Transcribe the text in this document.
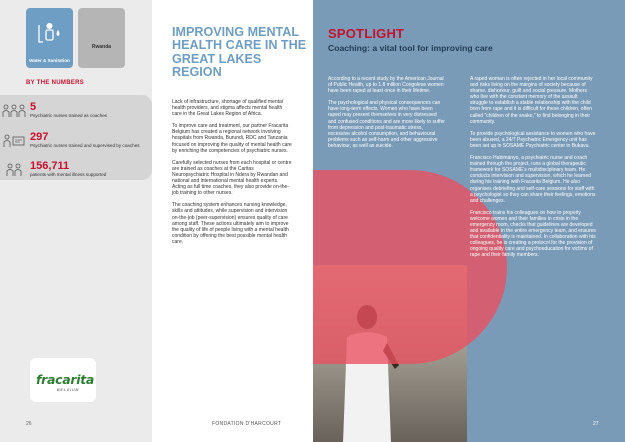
Water & Sanitation
Rwanda
BY THE NUMBERS
5
Psychiatric nurses trained as coaches
297
Psychiatric nurses trained and supervised by coaches
156,711
patients with mental illness supported
fracarita
BELGIUM
26
IMPROVING MENTAL HEALTH CARE IN THE GREAT LAKES REGION

Lack of infrastructure, shortage of qualified mental health providers, and stigma affects mental health care in the Great Lakes Region of Africa.

To improve care and treatment, our partner Fracarita Belgium has created a regional network involving hospitals from Rwanda, Burundi, RDC and Tanzania focused on improving the quality of mental health care by enriching the competencies of psychiatric nurses.

Carefully selected nurses from each hospital or centre are trained as coaches at the Caritas Neuropsychiatric Hospital in Ndera by Rwandan and national and international mental health experts. Acting as full time coaches, they also provide on-the-job training to other nurses.

The coaching system enhances nursing knowledge, skills and attitudes, while supervision and intervision on-the-job (peer-supervision) ensures quality of care among staff. These actions ultimately aim to improve the quality of life of people living with a mental health condition by offering the best possible mental health care.

FONDATION D'HARCOURT
SPOTLIGHT
Coaching: a vital tool for improving care

According to a recent study by the American Journal of Public Health, up to 1.8 million Congolese women have been raped at least once in their lifetime.

The psychological and physical consequences can have long-term effects. Women who have been raped may present themselves in very distressed and confused conditions and are more likely to suffer from depression and post-traumatic stress, excessive alcohol consumption, and behavioural problems such as self-harm and other aggressive behaviour, as well as suicide.

A raped woman is often rejected in her local community and risks living on the margins of society because of shame, dishonour, guilt and social pressure. Mothers who live with the constant memory of the assault struggle to establish a stable relationship with the child born from rape and it is difficult for these children, often called "children of the snake," to find belonging in their community.

To provide psychological assistance to women who have been abused, a 24/7 Psychiatric Emergency unit has been set up in SOSAME Psychiatric center in Bukavu.

Francisco Habimanyo, a psychiatric nurse and coach trained through the project, runs a global therapeutic framework for SOSAME's multidisciplinary team. He conducts intervision and supervision, which he learned during his training with Fracarita Belgium. He also organises debriefing and self-care sessions for staff with a psychologist so they can share their feelings, emotions and challenges.

Francisco trains his colleagues on how to properly welcome women and their families in crisis in the emergency room, checks that guidelines are developed and available in the entire emergency team, and ensures that confidentiality is maintained. In collaboration with his colleagues, he is creating a protocol for the provision of ongoing quality care and psychoeducation for victims of rape and their family members.

27
